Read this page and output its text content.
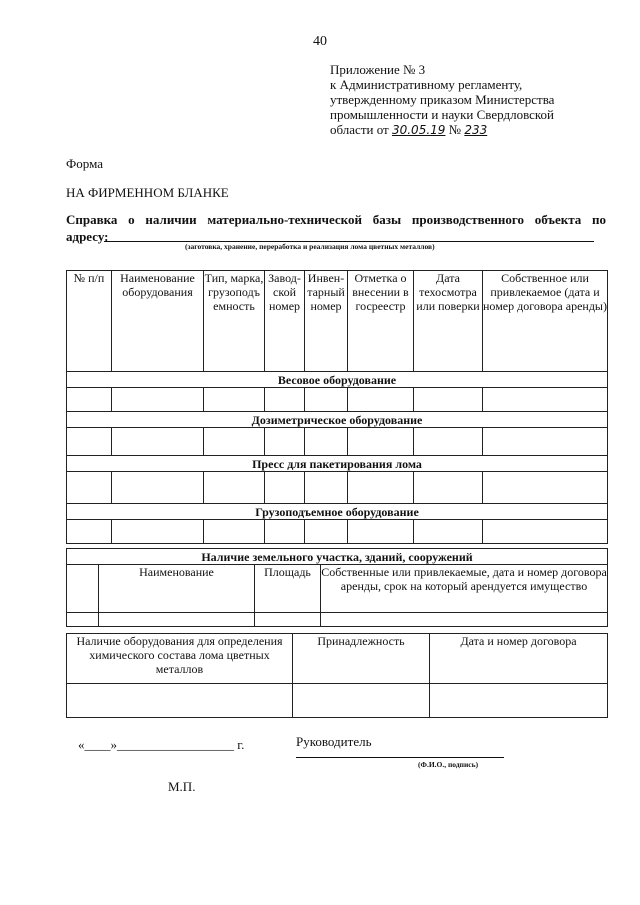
40
Приложение № 3
к Административному регламенту,
утвержденному приказом Министерства
промышленности и науки Свердловской
области от 30.05.19 № 233
Форма
НА ФИРМЕННОМ БЛАНКЕ
Справка о наличии материально-технической базы производственного объекта по
адресу:
(заготовка, хранение, переработка и реализация лома цветных металлов)
№ п/п	Наименование оборудования	Тип, марка, грузоподъ емность	Завод-ской номер	Инвен-тарный номер	Отметка о внесении в госреестр	Дата техосмотра или поверки	Собственное или привлекаемое (дата и номер договора аренды)
Весовое оборудование							

Дозиметрическое оборудование							

Пресс для пакетирования лома							

Грузоподъемное оборудование							

Наличие земельного участка, зданий, сооружений			
	Наименование	Площадь	Собственные или привлекаемые, дата и номер договора аренды, срок на который арендуется имущество

Наличие оборудования для определения химического состава лома цветных металлов	Принадлежность	Дата и номер договора

«____»__________________ г.	Руководитель
(Ф.И.О., подпись)
М.П.
